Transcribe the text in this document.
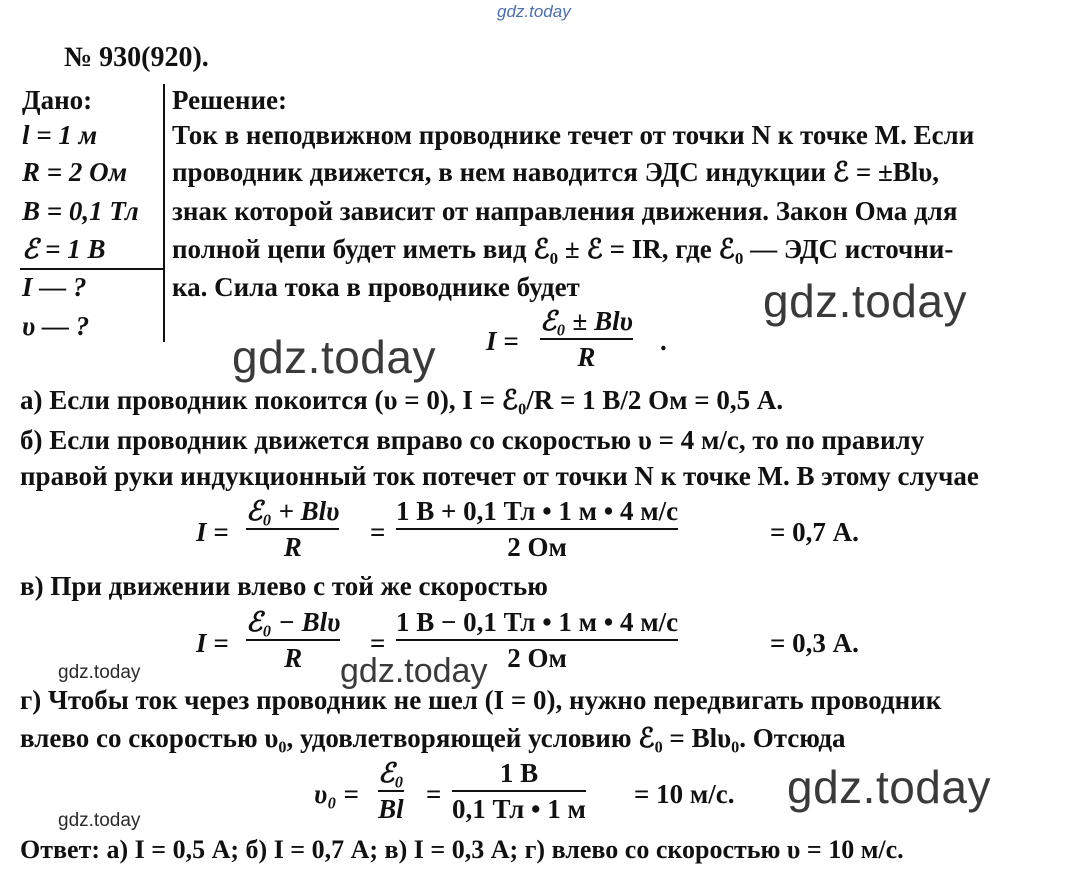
gdz.today
gdz.today
gdz.today
gdz.today	gdz.today
gdz.today
gdz.today
№ 930(920).
Дано:
l = 1 м
R = 2 Ом
B = 0,1 Тл
ℰ = 1 В
I — ?
υ — ?
Решение:
Ток в неподвижном проводнике течет от точки N к точке M. Если
проводник движется, в нем наводится ЭДС индукции ℰ = ±Blυ,
знак которой зависит от направления движения. Закон Ома для
полной цепи будет иметь вид ℰ$_0$ ± ℰ = IR, где ℰ$_0$ — ЭДС источни-
ка. Сила тока в проводнике будет
I =
ℰ₀ ± Blυ
R
.
а) Если проводник покоится (υ = 0), I = ℰ₀/R = 1 В/2 Ом = 0,5 А.
б) Если проводник движется вправо со скоростью υ = 4 м/с, то по правилу
правой руки индукционный ток потечет от точки N к точке M. В этому случае
I =
ℰ₀ + Blυ
R	=
1 В + 0,1 Тл • 1 м • 4 м/с
2 Ом	= 0,7 А.
в) При движении влево с той же скоростью
I =
ℰ₀ − Blυ
R	=
1 В − 0,1 Тл • 1 м • 4 м/с
2 Ом	= 0,3 А.
г) Чтобы ток через проводник не шел (I = 0), нужно передвигать проводник
влево со скоростью υ₀, удовлетворяющей условию ℰ₀ = Blυ₀. Отсюда
υ₀ =
ℰ₀
Bl =
1 В
0,1 Тл • 1 м = 10 м/с.
Ответ: а) I = 0,5 А; б) I = 0,7 А; в) I = 0,3 А; г) влево со скоростью υ = 10 м/с.
